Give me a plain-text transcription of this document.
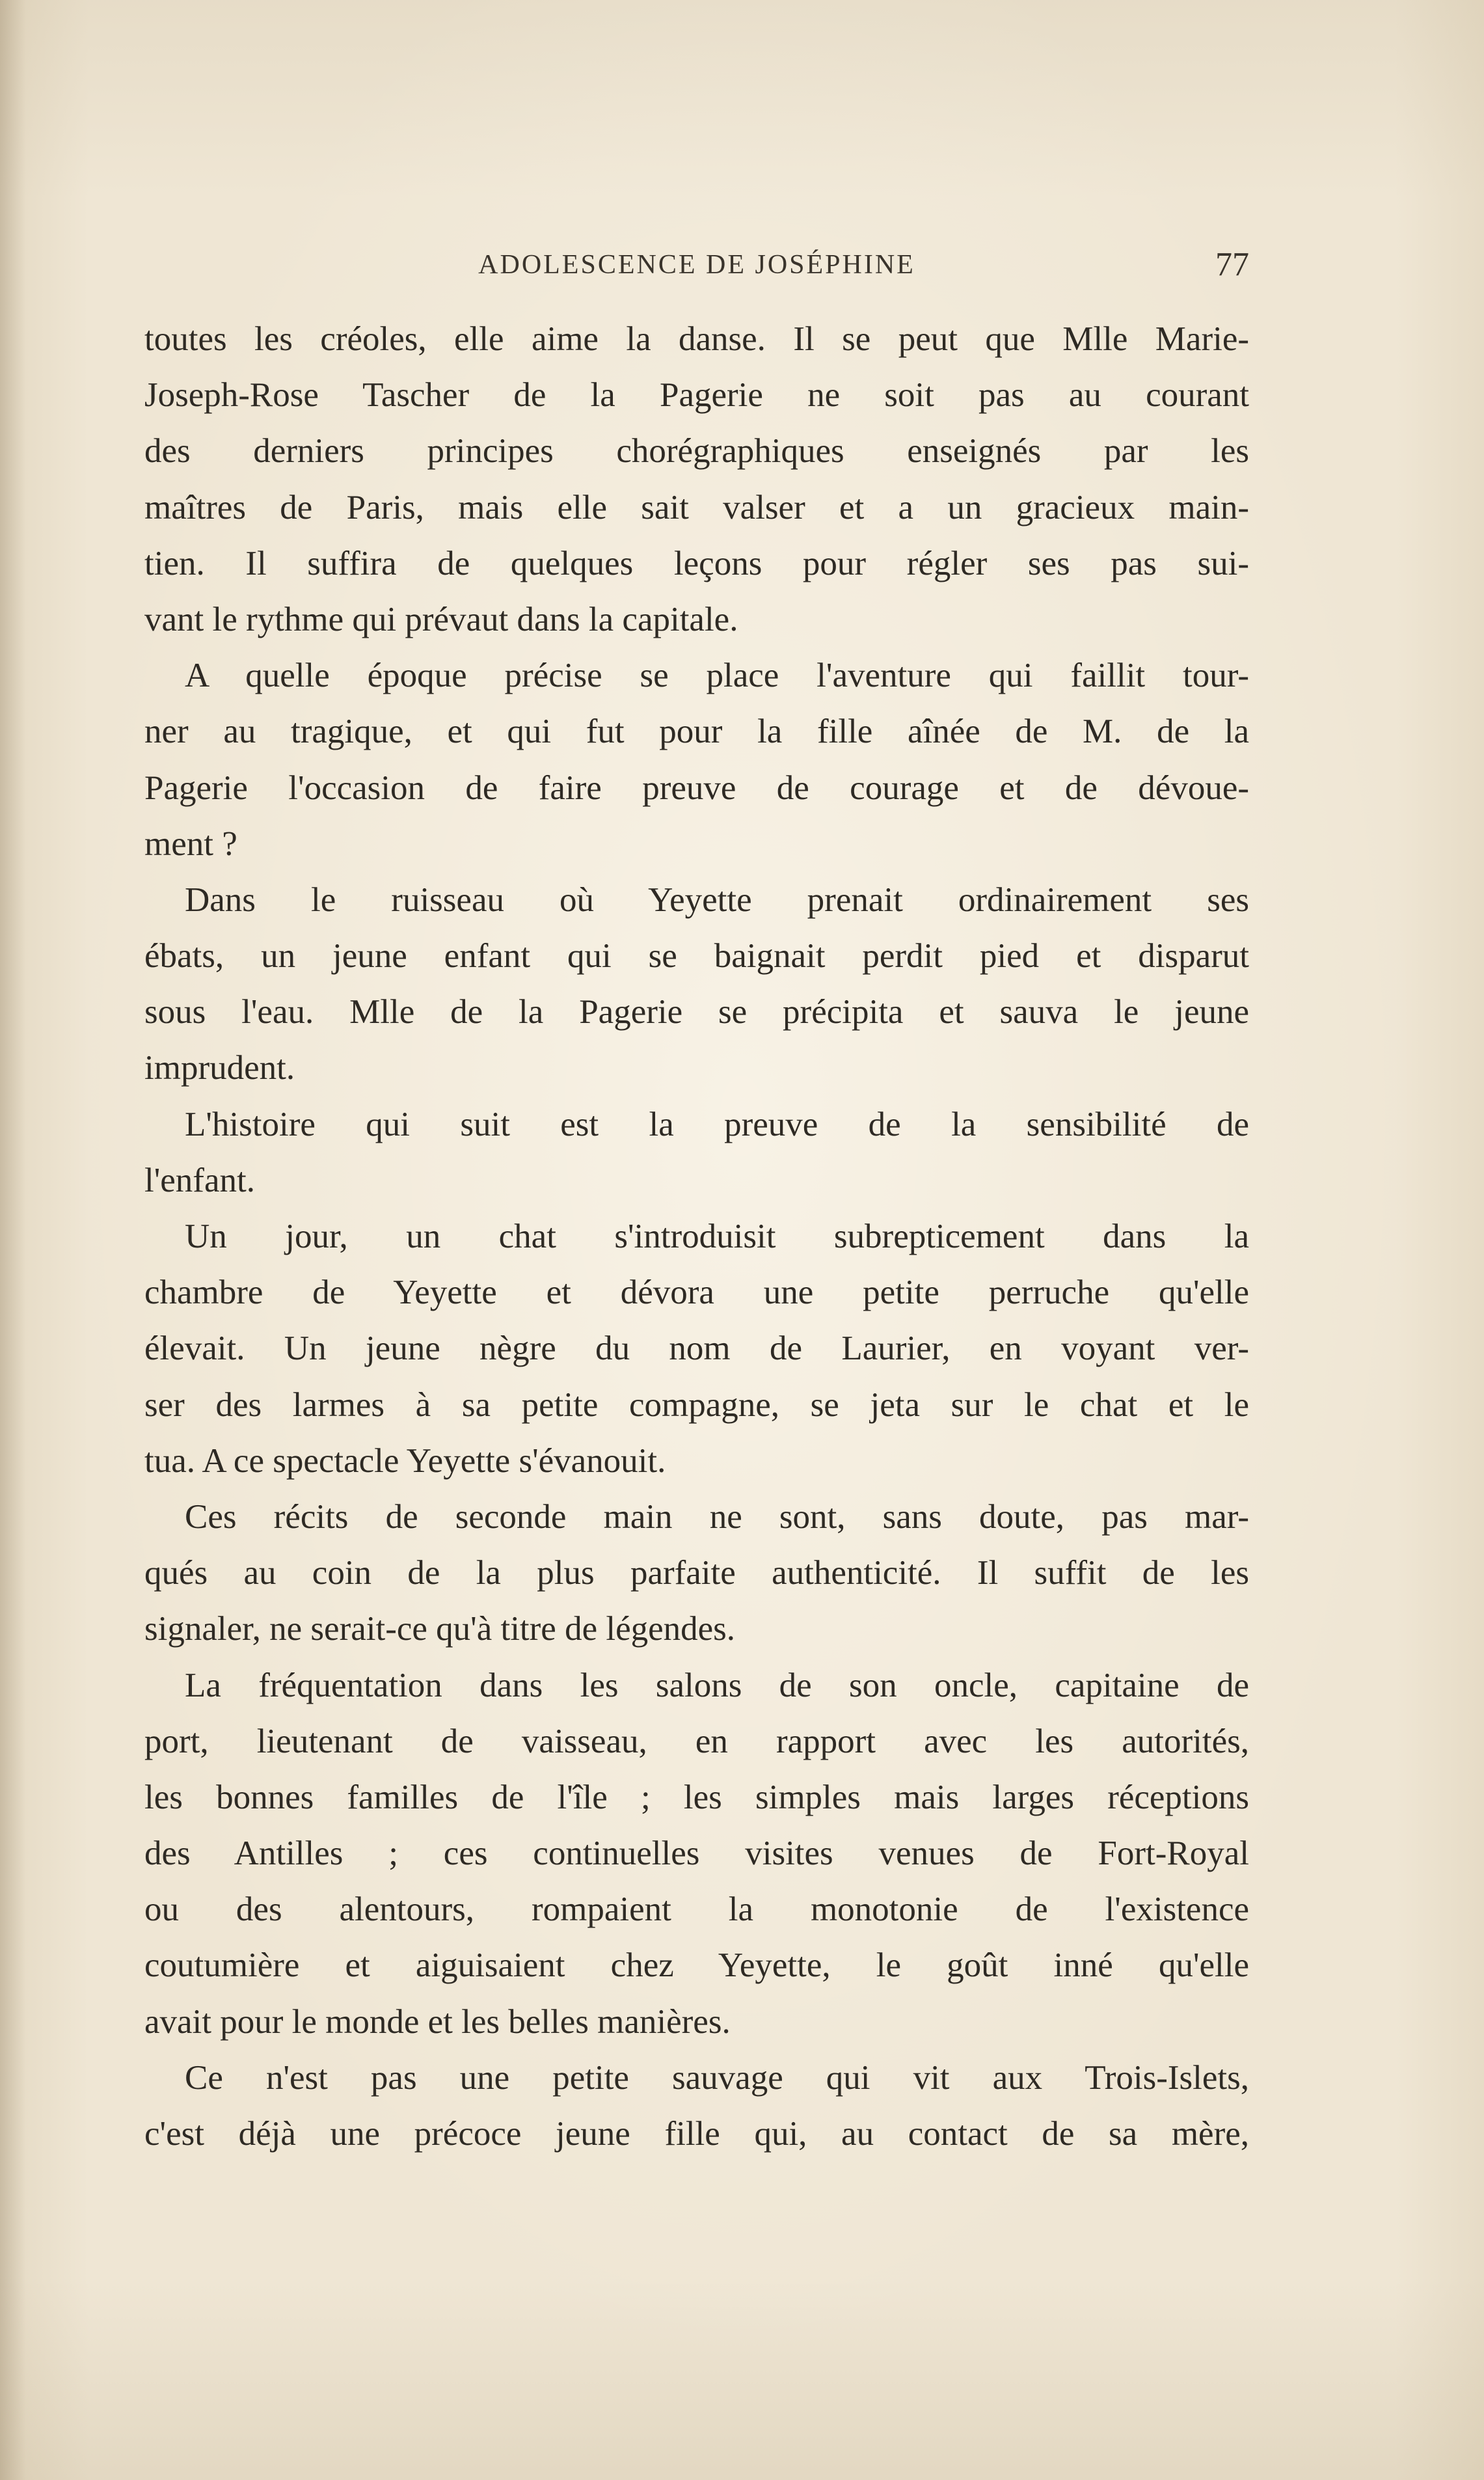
ADOLESCENCE DE JOSÉPHINE	77
toutes les créoles, elle aime la danse. Il se peut que Mlle Marie-
Joseph-Rose Tascher de la Pagerie ne soit pas au courant
des derniers principes chorégraphiques enseignés par les
maîtres de Paris, mais elle sait valser et a un gracieux main-
tien. Il suffira de quelques leçons pour régler ses pas sui-
vant le rythme qui prévaut dans la capitale.
A quelle époque précise se place l'aventure qui faillit tour-
ner au tragique, et qui fut pour la fille aînée de M. de la
Pagerie l'occasion de faire preuve de courage et de dévoue-
ment ?
Dans le ruisseau où Yeyette prenait ordinairement ses
ébats, un jeune enfant qui se baignait perdit pied et disparut
sous l'eau. Mlle de la Pagerie se précipita et sauva le jeune
imprudent.
L'histoire qui suit est la preuve de la sensibilité de
l'enfant.
Un jour, un chat s'introduisit subrepticement dans la
chambre de Yeyette et dévora une petite perruche qu'elle
élevait. Un jeune nègre du nom de Laurier, en voyant ver-
ser des larmes à sa petite compagne, se jeta sur le chat et le
tua. A ce spectacle Yeyette s'évanouit.
Ces récits de seconde main ne sont, sans doute, pas mar-
qués au coin de la plus parfaite authenticité. Il suffit de les
signaler, ne serait-ce qu'à titre de légendes.
La fréquentation dans les salons de son oncle, capitaine de
port, lieutenant de vaisseau, en rapport avec les autorités,
les bonnes familles de l'île ; les simples mais larges réceptions
des Antilles ; ces continuelles visites venues de Fort-Royal
ou des alentours, rompaient la monotonie de l'existence
coutumière et aiguisaient chez Yeyette, le goût inné qu'elle
avait pour le monde et les belles manières.
Ce n'est pas une petite sauvage qui vit aux Trois-Islets,
c'est déjà une précoce jeune fille qui, au contact de sa mère,
